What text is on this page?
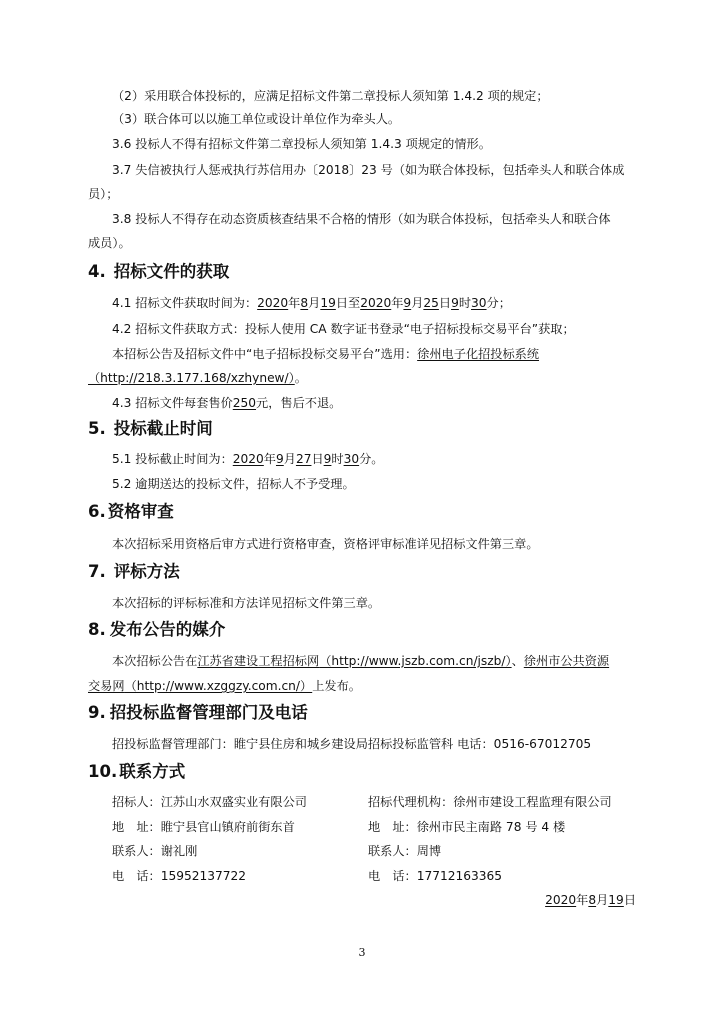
（2）采用联合体投标的，应满足招标文件第二章投标人须知第 1.4.2 项的规定；
（3）联合体可以以施工单位或设计单位作为牵头人。
3.6 投标人不得有招标文件第二章投标人须知第 1.4.3 项规定的情形。
3.7 失信被执行人惩戒执行苏信用办〔2018〕23 号（如为联合体投标，包括牵头人和联合体成
员）；
3.8 投标人不得存在动态资质核查结果不合格的情形（如为联合体投标，包括牵头人和联合体
成员）。
4. 招标文件的获取
4.1 招标文件获取时间为：2020年8月19日至2020年9月25日9时30分；
4.2 招标文件获取方式：投标人使用 CA 数字证书登录“电子招标投标交易平台”获取；
本招标公告及招标文件中“电子招标投标交易平台”选用：徐州电子化招投标系统
（http://218.3.177.168/xzhynew/）。
4.3 招标文件每套售价250元，售后不退。
5. 投标截止时间
5.1 投标截止时间为：2020年9月27日9时30分。
5.2 逾期送达的投标文件，招标人不予受理。
6. 资格审查
本次招标采用资格后审方式进行资格审查，资格评审标准详见招标文件第三章。
7. 评标方法
本次招标的评标标准和方法详见招标文件第三章。
8. 发布公告的媒介
本次招标公告在江苏省建设工程招标网（http://www.jszb.com.cn/jszb/）、徐州市公共资源
交易网（http://www.xzggzy.com.cn/）上发布。
9. 招投标监督管理部门及电话
招投标监督管理部门：睢宁县住房和城乡建设局招标投标监管科 电话：0516-67012705
10. 联系方式
招标人：江苏山水双盛实业有限公司	招标代理机构：徐州市建设工程监理有限公司
地　址：睢宁县官山镇府前街东首	地　址：徐州市民主南路 78 号 4 楼
联系人：谢礼刚	联系人：周博
电　话：15952137722	电　话：17712163365
2020年8月19日
3
